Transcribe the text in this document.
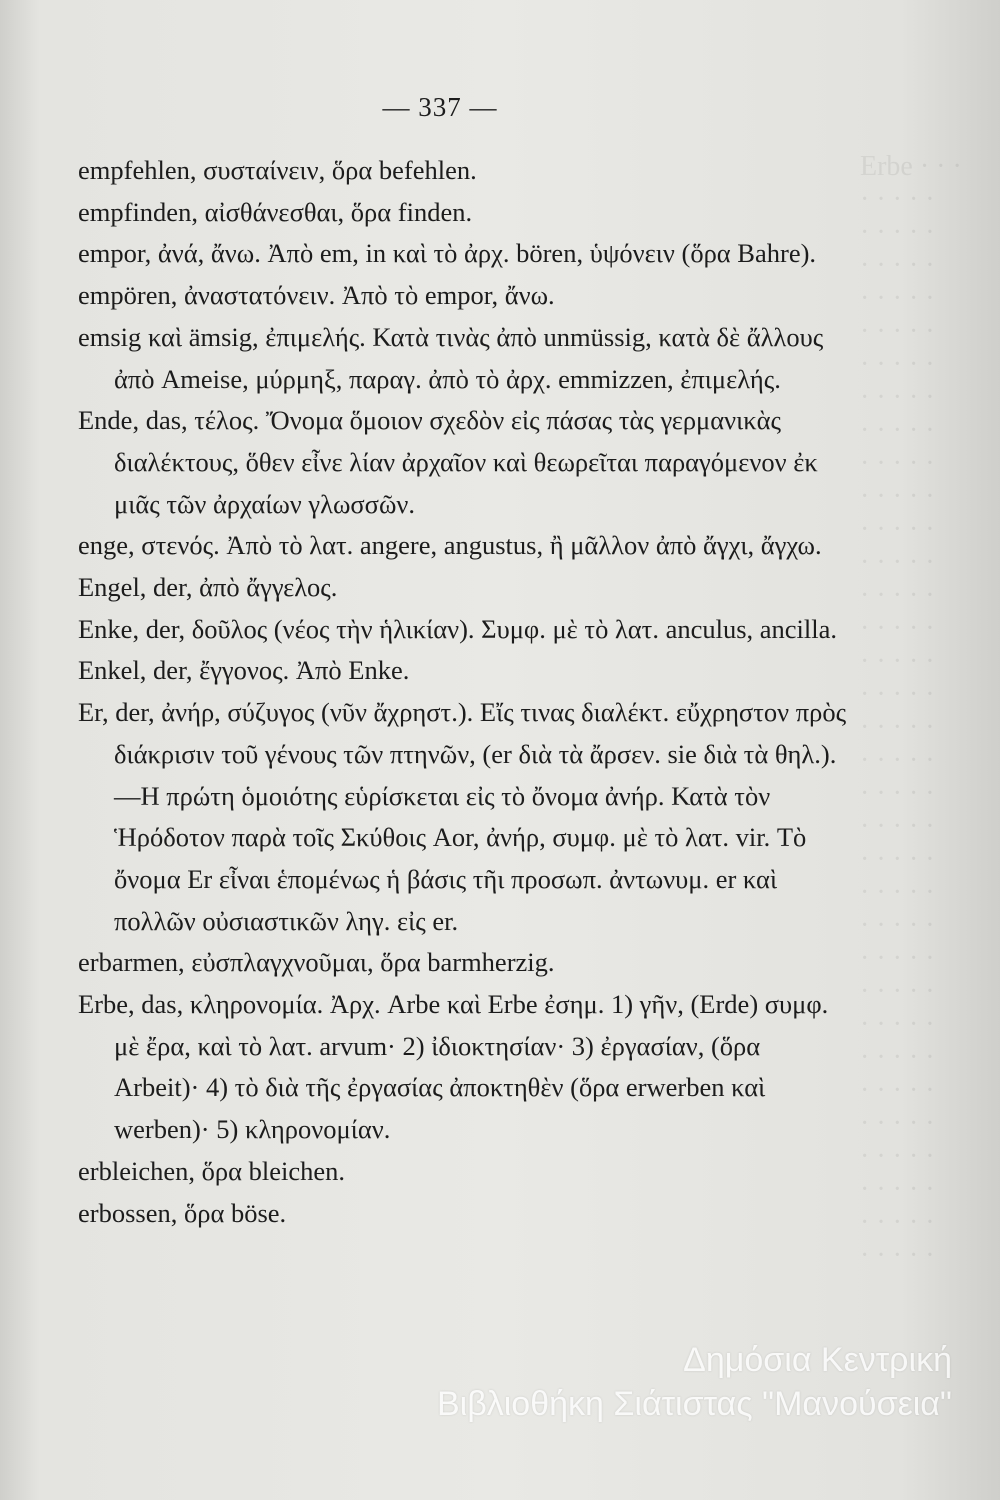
Erbe · · ·
· · · · ·
· · · · ·
· · · · ·
· · · · ·
· · · · ·
· · · · ·
· · · · ·
· · · · ·
· · · · ·
· · · · ·
· · · · ·
· · · · ·
· · · · ·
· · · · ·
· · · · ·
· · · · ·
· · · · ·
· · · · ·
· · · · ·
· · · · ·
· · · · ·
· · · · ·
· · · · ·
· · · · ·
· · · · ·
· · · · ·
· · · · ·
· · · · ·
· · · · ·
· · · · ·
· · · · ·
· · · · ·
· · · · ·
— 337 —

empfehlen, συσταίνειν, ὅρα befehlen.

empfinden, αἰσθάνεσθαι, ὅρα finden.

empor, ἀνά, ἄνω. Ἀπὸ em, in καὶ τὸ ἀρχ. bören, ὑψόνειν (ὅρα Bahre).

empören, ἀναστατόνειν. Ἀπὸ τὸ empor, ἄνω.

emsig καὶ ämsig, ἐπιμελής. Κατὰ τινὰς ἀπὸ unmüssig, κατὰ δὲ ἄλλους ἀπὸ Ameise, μύρμηξ, παραγ. ἀπὸ τὸ ἀρχ. emmizzen, ἐπιμελής.

Ende, das, τέλος. Ὄνομα ὅμοιον σχεδὸν εἰς πάσας τὰς γερμανικὰς διαλέκτους, ὅθεν εἶνε λίαν ἀρχαῖον καὶ θεωρεῖται παραγόμενον ἐκ μιᾶς τῶν ἀρχαίων γλωσσῶν.

enge, στενός. Ἀπὸ τὸ λατ. angere, angustus, ἢ μᾶλλον ἀπὸ ἄγχι, ἄγχω.

Engel, der, ἀπὸ ἄγγελος.

Enke, der, δοῦλος (νέος τὴν ἡλικίαν). Συμφ. μὲ τὸ λατ. anculus, ancilla.

Enkel, der, ἔγγονος. Ἀπὸ Enke.

Er, der, ἀνήρ, σύζυγος (νῦν ἄχρηστ.). Εἴς τινας διαλέκτ. εὔχρηστον πρὸς διάκρισιν τοῦ γένους τῶν πτηνῶν, (er διὰ τὰ ἄρσεν. sie διὰ τὰ θηλ.).—Η πρώτη ὁμοιότης εὑρίσκεται εἰς τὸ ὄνομα ἀνήρ. Κατὰ τὸν Ἡρόδοτον παρὰ τοῖς Σκύθοις Aor, ἀνήρ, συμφ. μὲ τὸ λατ. vir. Τὸ ὄνομα Er εἶναι ἑπομένως ἡ βάσις τῆι προσωπ. ἀντωνυμ. er καὶ πολλῶν οὐσιαστικῶν ληγ. εἰς er.

erbarmen, εὐσπλαγχνοῦμαι, ὅρα barmherzig.

Erbe, das, κληρονομία. Ἀρχ. Arbe καὶ Erbe ἐσημ. 1) γῆν, (Erde) συμφ. μὲ ἔρα, καὶ τὸ λατ. arvum· 2) ἰδιοκτησίαν· 3) ἐργασίαν, (ὅρα Arbeit)· 4) τὸ διὰ τῆς ἐργασίας ἀποκτηθὲν (ὅρα erwerben καὶ werben)· 5) κληρονομίαν.

erbleichen, ὅρα bleichen.

erbossen, ὅρα böse.

Δημόσια Κεντρική
Βιβλιοθήκη Σιάτιστας "Μανούσεια"
